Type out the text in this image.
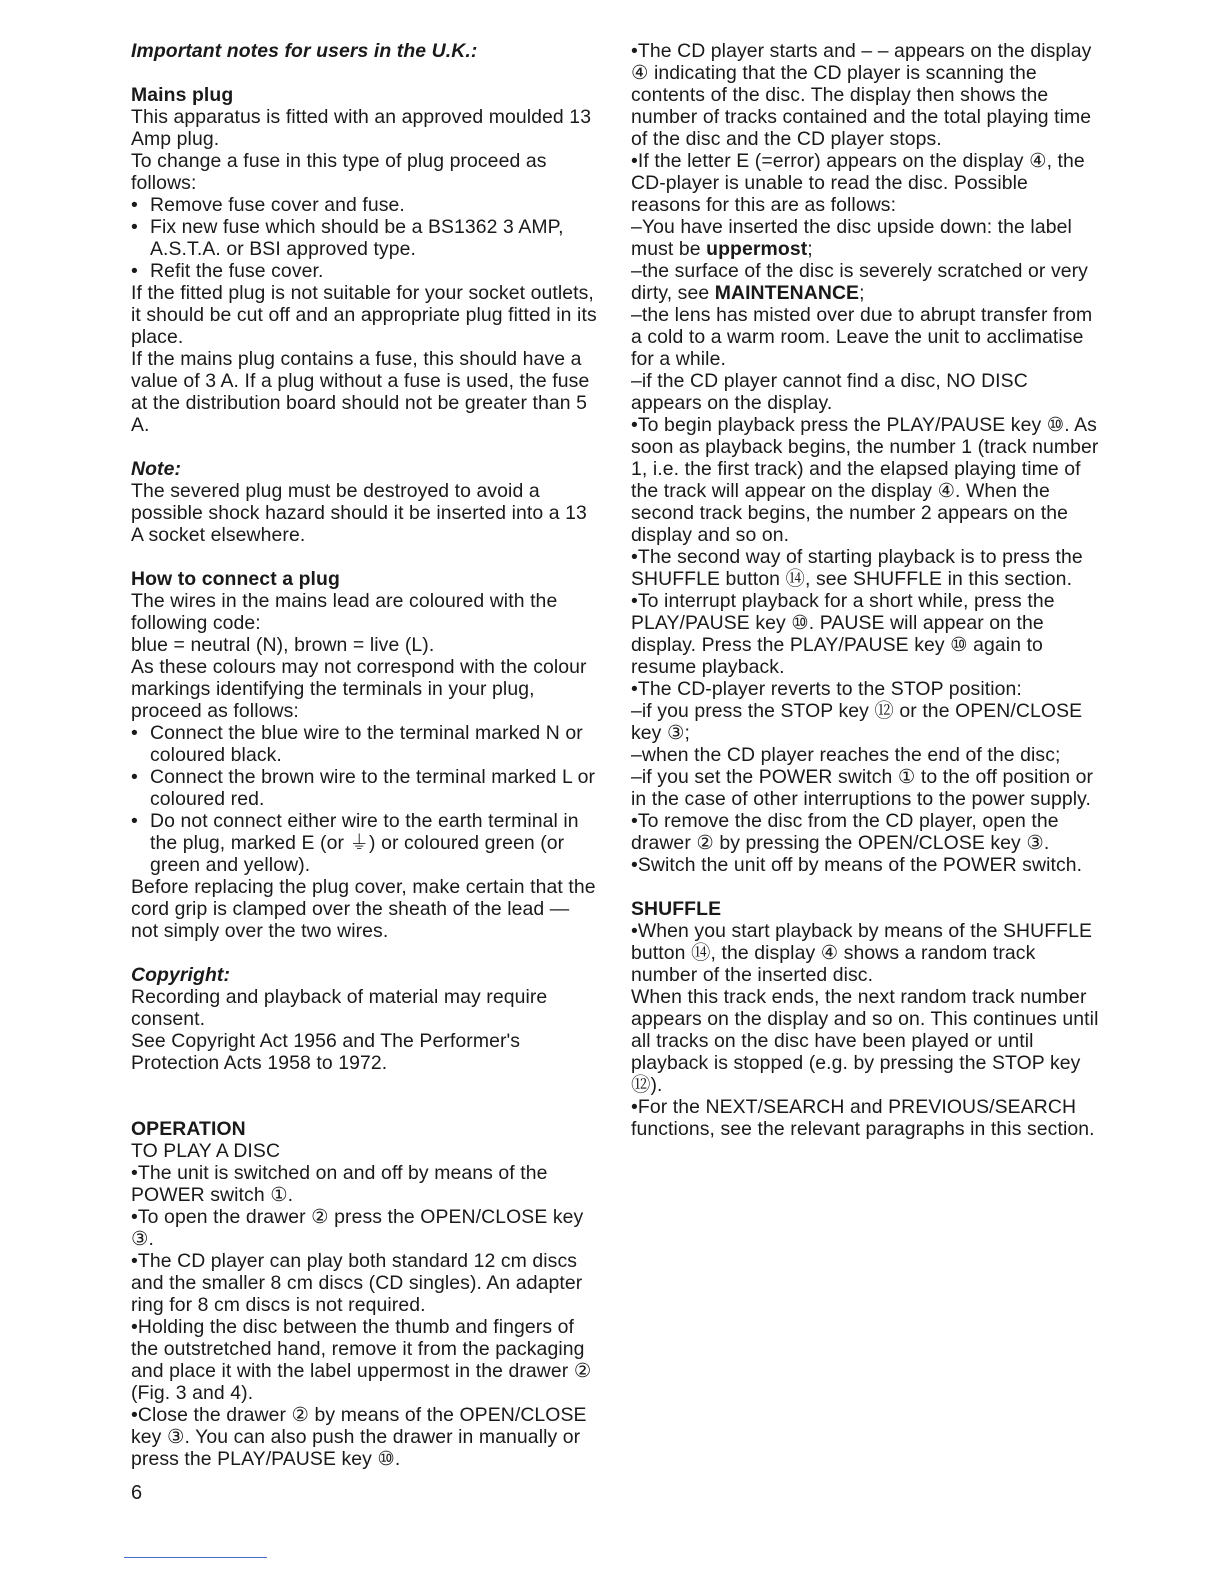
Important notes for users in the U.K.:

Mains plug

This apparatus is fitted with an approved moulded 13 Amp plug.

To change a fuse in this type of plug proceed as follows:

• Remove fuse cover and fuse.

• Fix new fuse which should be a BS1362 3 AMP, A.S.T.A. or BSI approved type.

• Refit the fuse cover.

If the fitted plug is not suitable for your socket outlets, it should be cut off and an appropriate plug fitted in its place.

If the mains plug contains a fuse, this should have a value of 3 A. If a plug without a fuse is used, the fuse at the distribution board should not be greater than 5 A.

Note:

The severed plug must be destroyed to avoid a possible shock hazard should it be inserted into a 13 A socket elsewhere.

How to connect a plug

The wires in the mains lead are coloured with the following code:

blue = neutral (N), brown = live (L).

As these colours may not correspond with the colour markings identifying the terminals in your plug, proceed as follows:

• Connect the blue wire to the terminal marked N or coloured black.

• Connect the brown wire to the terminal marked L or coloured red.

• Do not connect either wire to the earth terminal in the plug, marked E (or ⏚) or coloured green (or green and yellow).

Before replacing the plug cover, make certain that the cord grip is clamped over the sheath of the lead — not simply over the two wires.

Copyright:

Recording and playback of material may require consent.

See Copyright Act 1956 and The Performer's Protection Acts 1958 to 1972.

OPERATION

TO PLAY A DISC

• The unit is switched on and off by means of the POWER switch ①.

• To open the drawer ② press the OPEN/CLOSE key ③.

• The CD player can play both standard 12 cm discs and the smaller 8 cm discs (CD singles). An adapter ring for 8 cm discs is not required.

• Holding the disc between the thumb and fingers of the outstretched hand, remove it from the packaging and place it with the label uppermost in the drawer ② (Fig. 3 and 4).

• Close the drawer ② by means of the OPEN/CLOSE key ③. You can also push the drawer in manually or press the PLAY/PAUSE key ⑩.

• The CD player starts and – – appears on the display ④ indicating that the CD player is scanning the contents of the disc. The display then shows the number of tracks contained and the total playing time of the disc and the CD player stops.

• If the letter E (=error) appears on the display ④, the CD-player is unable to read the disc. Possible reasons for this are as follows:

– You have inserted the disc upside down: the label must be uppermost;

– the surface of the disc is severely scratched or very dirty, see MAINTENANCE;

– the lens has misted over due to abrupt transfer from a cold to a warm room. Leave the unit to acclimatise for a while.

– if the CD player cannot find a disc, NO DISC appears on the display.

• To begin playback press the PLAY/PAUSE key ⑩. As soon as playback begins, the number 1 (track number 1, i.e. the first track) and the elapsed playing time of the track will appear on the display ④. When the second track begins, the number 2 appears on the display and so on.

• The second way of starting playback is to press the SHUFFLE button ⑭, see SHUFFLE in this section.

• To interrupt playback for a short while, press the PLAY/PAUSE key ⑩. PAUSE will appear on the display. Press the PLAY/PAUSE key ⑩ again to resume playback.

• The CD-player reverts to the STOP position:

– if you press the STOP key ⑫ or the OPEN/CLOSE key ③;

– when the CD player reaches the end of the disc;

– if you set the POWER switch ① to the off position or in the case of other interruptions to the power supply.

• To remove the disc from the CD player, open the drawer ② by pressing the OPEN/CLOSE key ③.

• Switch the unit off by means of the POWER switch.

SHUFFLE

• When you start playback by means of the SHUFFLE button ⑭, the display ④ shows a random track number of the inserted disc.

When this track ends, the next random track number appears on the display and so on. This continues until all tracks on the disc have been played or until playback is stopped (e.g. by pressing the STOP key ⑫).

• For the NEXT/SEARCH and PREVIOUS/SEARCH functions, see the relevant paragraphs in this section.

6
